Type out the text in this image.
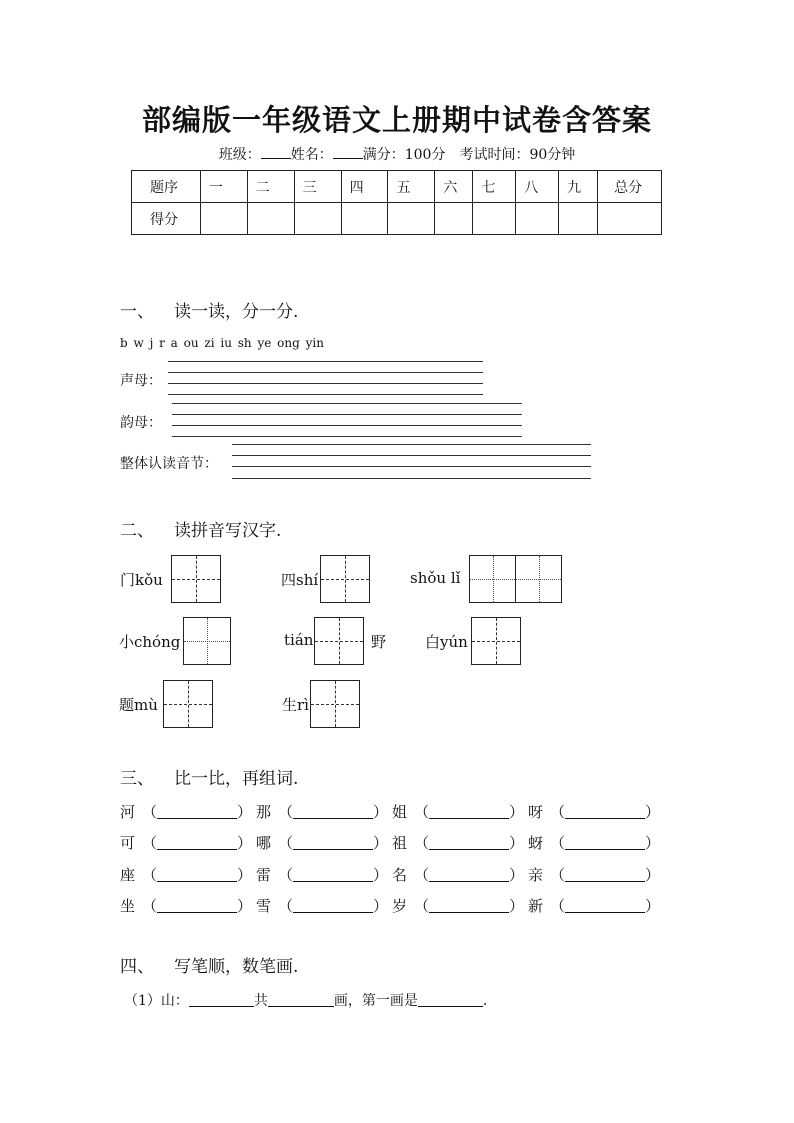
部编版一年级语文上册期中试卷含答案
班级： 姓名： 满分：100分 考试时间：90分钟
题序	一	二	三	四	五	六	七	八	九	总分
得分										
一、 读一读，分一分.
b w j r a ou zi iu sh ye ong yin
声母：
韵母：
整体认读音节：
二、 读拼音写汉字.
门kǒu	四shí	shǒu lǐ
小chóng	tián	野	白yún
题mù	生rì
三、 比一比，再组词.
河 （	） 那 （	） 姐 （	） 呀 （	）
可 （	） 哪 （	） 祖 （	） 蚜 （	）
座 （	） 雷 （	） 名 （	） 亲 （	）
坐 （	） 雪 （	） 岁 （	） 新 （	）
四、 写笔顺，数笔画.
（1）山：	共	画，第一画是	.
